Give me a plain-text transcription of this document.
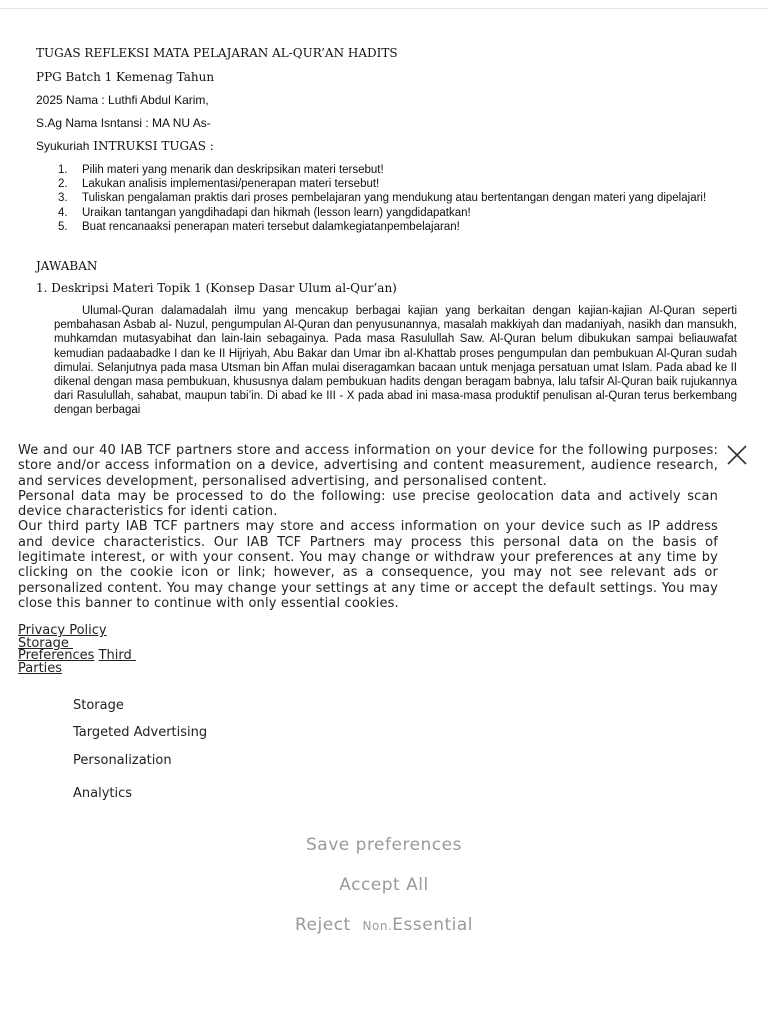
TUGAS REFLEKSI MATA PELAJARAN AL-QUR’AN HADITS
PPG Batch 1 Kemenag Tahun
2025 Nama : Luthfi Abdul Karim,
S.Ag Nama Isntansi : MA NU As-
Syukuriah INTRUKSI TUGAS :
1.	Pilih materi yang menarik dan deskripsikan materi tersebut!
2.	Lakukan analisis implementasi/penerapan materi tersebut!
3.	Tuliskan pengalaman praktis dari proses pembelajaran yang mendukung atau bertentangan dengan materi yang dipelajari!
4.	Uraikan tantangan yangdihadapi dan hikmah (lesson learn) yangdidapatkan!
5.	Buat rencanaaksi penerapan materi tersebut dalamkegiatanpembelajaran!
JAWABAN
1. Deskripsi Materi Topik 1 (Konsep Dasar Ulum al-Qur’an)
Ulumal-Quran dalamadalah ilmu yang mencakup berbagai kajian yang berkaitan dengan kajian-kajian Al-Quran seperti pembahasan Asbab al- Nuzul, pengumpulan Al-Quran dan penyusunannya, masalah makkiyah dan madaniyah, nasikh dan mansukh, muhkamdan mutasyabihat dan lain-lain sebagainya. Pada masa Rasulullah Saw. Al-Quran belum dibukukan sampai beliauwafat kemudian padaabadke I dan ke II Hijriyah, Abu Bakar dan Umar ibn al-Khattab proses pengumpulan dan pembukuan Al-Quran sudah dimulai. Selanjutnya pada masa Utsman bin Affan mulai diseragamkan bacaan untuk menjaga persatuan umat Islam. Pada abad ke II dikenal dengan masa pembukuan, khususnya dalam pembukuan hadits dengan beragam babnya, lalu tafsir Al-Quran baik rujukannya dari Rasulullah, sahabat, maupun tabi’in. Di abad ke III - X pada abad ini masa-masa produktif penulisan al-Quran terus berkembang dengan berbagai

We and our 40 IAB TCF partners store and access information on your device for the following purposes: store and/or access information on a device, advertising and content measurement, audience research, and services development, personalised advertising, and personalised content.

Personal data may be processed to do the following: use precise geolocation data and actively scan device characteristics for identi cation.

Our third party IAB TCF partners may store and access information on your device such as IP address and device characteristics. Our IAB TCF Partners may process this personal data on the basis of legitimate interest, or with your consent. You may change or withdraw your preferences at any time by clicking on the cookie icon or link; however, as a consequence, you may not see relevant ads or personalized content. You may change your settings at any time or accept the default settings. You may close this banner to continue with only essential cookies.

Privacy Policy
Storage
Preferences Third
Parties
Storage
Targeted Advertising
Personalization
Analytics
Save preferences
Accept All
Reject Non.Essential
